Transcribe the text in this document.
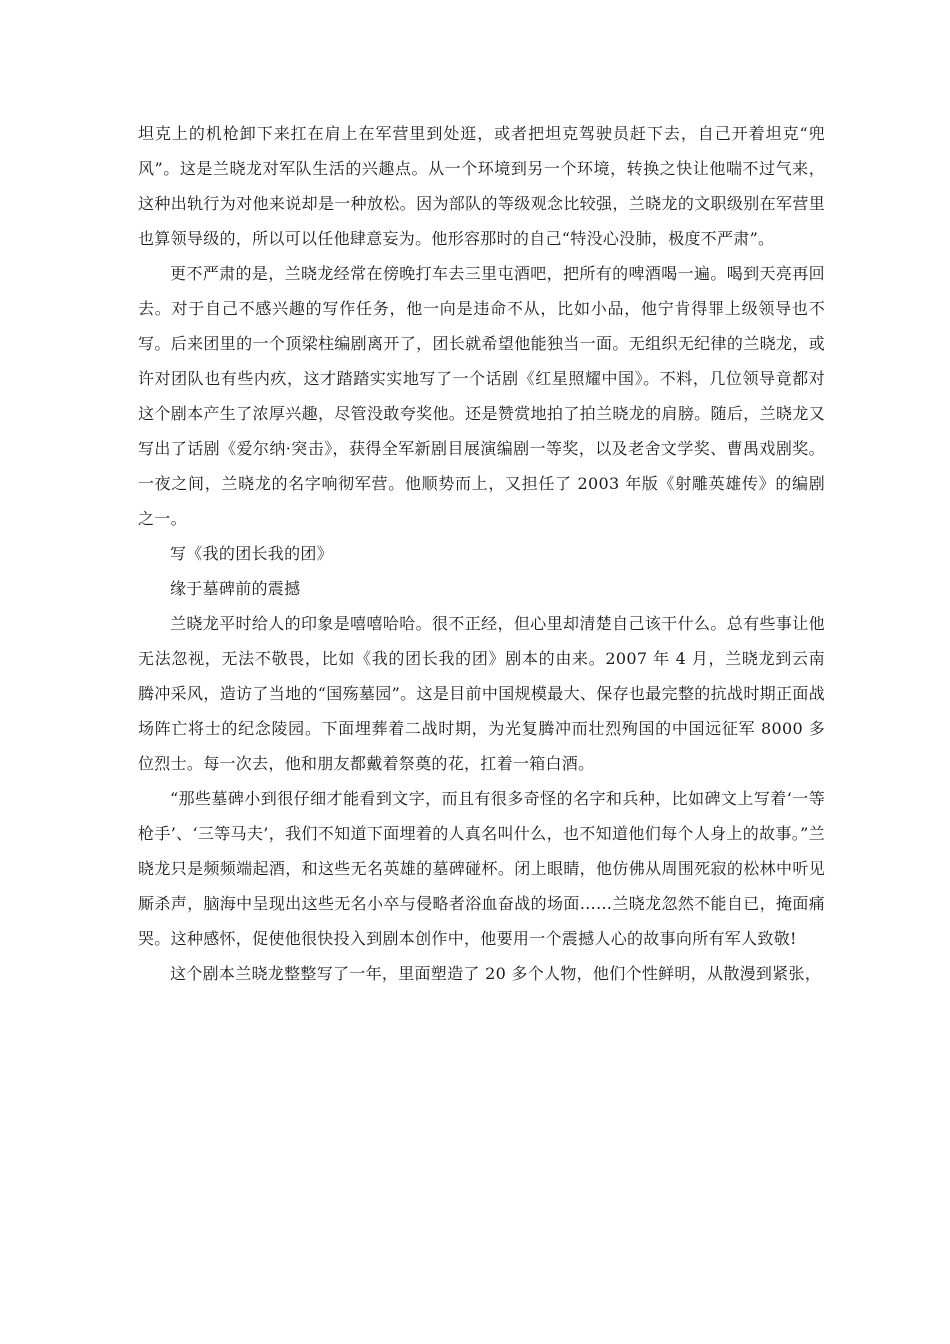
坦克上的机枪卸下来扛在肩上在军营里到处逛，或者把坦克驾驶员赶下去，自己开着坦克“兜风”。这是兰晓龙对军队生活的兴趣点。从一个环境到另一个环境，转换之快让他喘不过气来，这种出轨行为对他来说却是一种放松。因为部队的等级观念比较强，兰晓龙的文职级别在军营里也算领导级的，所以可以任他肆意妄为。他形容那时的自己“特没心没肺，极度不严肃”。

更不严肃的是，兰晓龙经常在傍晚打车去三里屯酒吧，把所有的啤酒喝一遍。喝到天亮再回去。对于自己不感兴趣的写作任务，他一向是违命不从，比如小品，他宁肯得罪上级领导也不写。后来团里的一个顶梁柱编剧离开了，团长就希望他能独当一面。无组织无纪律的兰晓龙，或许对团队也有些内疚，这才踏踏实实地写了一个话剧《红星照耀中国》。不料，几位领导竟都对这个剧本产生了浓厚兴趣，尽管没敢夸奖他。还是赞赏地拍了拍兰晓龙的肩膀。随后，兰晓龙又写出了话剧《爱尔纳·突击》，获得全军新剧目展演编剧一等奖，以及老舍文学奖、曹禺戏剧奖。一夜之间，兰晓龙的名字响彻军营。他顺势而上，又担任了 2003 年版《射雕英雄传》的编剧之一。

写《我的团长我的团》

缘于墓碑前的震撼

兰晓龙平时给人的印象是嘻嘻哈哈。很不正经，但心里却清楚自己该干什么。总有些事让他无法忽视，无法不敬畏，比如《我的团长我的团》剧本的由来。2007 年 4 月，兰晓龙到云南腾冲采风，造访了当地的“国殇墓园”。这是目前中国规模最大、保存也最完整的抗战时期正面战场阵亡将士的纪念陵园。下面埋葬着二战时期，为光复腾冲而壮烈殉国的中国远征军 8000 多位烈士。每一次去，他和朋友都戴着祭奠的花，扛着一箱白酒。

“那些墓碑小到很仔细才能看到文字，而且有很多奇怪的名字和兵种，比如碑文上写着‘一等枪手’、‘三等马夫’，我们不知道下面埋着的人真名叫什么，也不知道他们每个人身上的故事。”兰晓龙只是频频端起酒，和这些无名英雄的墓碑碰杯。闭上眼睛，他仿佛从周围死寂的松林中听见厮杀声，脑海中呈现出这些无名小卒与侵略者浴血奋战的场面……兰晓龙忽然不能自已，掩面痛哭。这种感怀，促使他很快投入到剧本创作中，他要用一个震撼人心的故事向所有军人致敬!

这个剧本兰晓龙整整写了一年，里面塑造了 20 多个人物，他们个性鲜明，从散漫到紧张，
